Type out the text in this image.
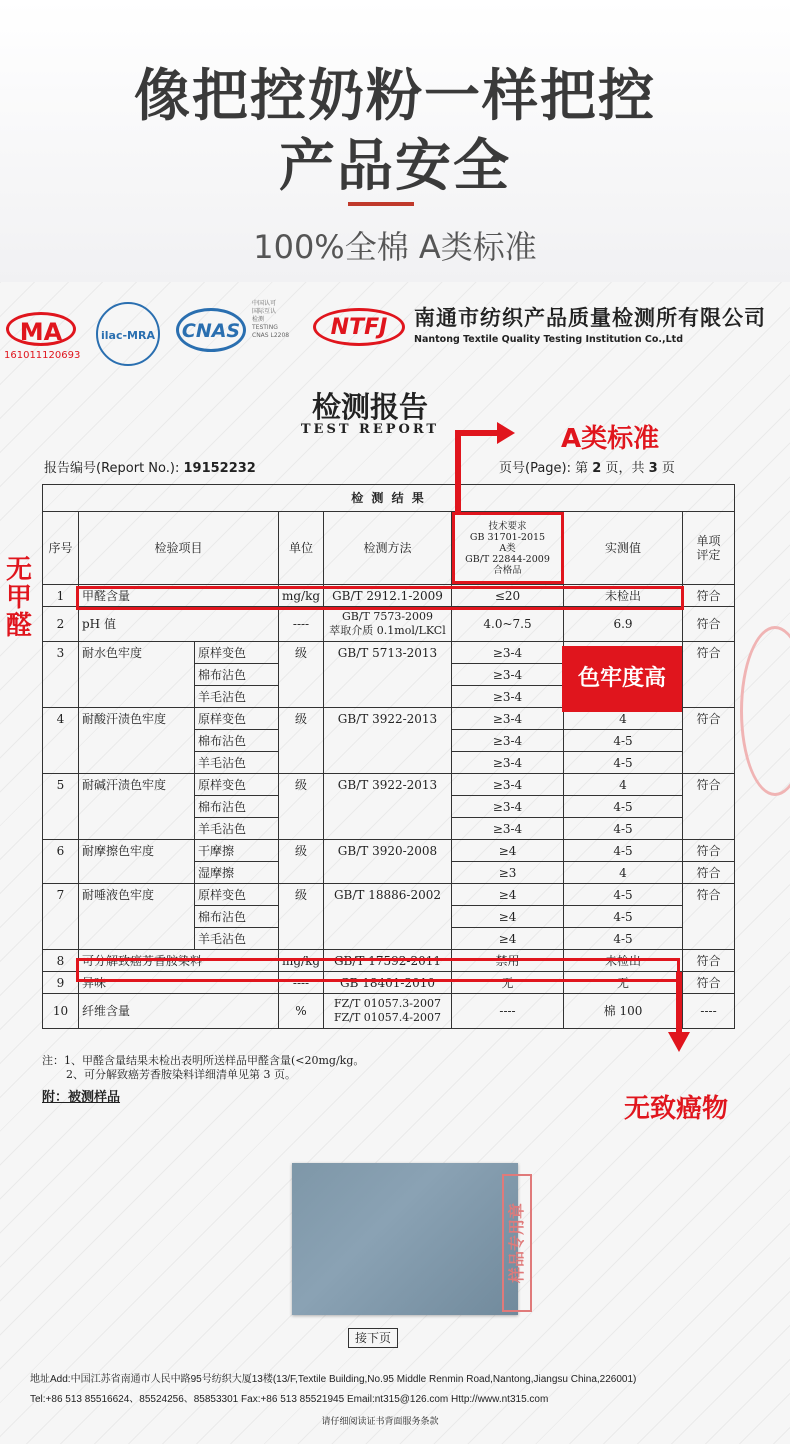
像把控奶粉一样把控
产品安全
100%全棉 A类标准
MA
161011120693
ilac-MRA	CNAS
中国认可
国际互认
检测
TESTING
CNAS L2208	NTFJ	南通市纺织产品质量检测所有限公司
Nantong Textile Quality Testing Institution Co.,Ltd
检测报告
TEST REPORT
报告编号(Report No.): 19152232	页号(Page): 第 2 页，共 3 页
检 测 结 果							
序号	检验项目		单位	检测方法	技术要求
GB 31701-2015
A类
GB/T 22844-2009
合格品	实测值	单项
评定
1	甲醛含量		mg/kg	GB/T 2912.1-2009	≤20	未检出	符合
2	pH 值		----	GB/T 7573-2009
萃取介质 0.1mol/LKCl	4.0~7.5	6.9	符合
3	耐水色牢度	原样变色	级	GB/T 5713-2013	≥3-4		符合
		棉布沾色			≥3-4		
		羊毛沾色			≥3-4		
4	耐酸汗渍色牢度	原样变色	级	GB/T 3922-2013	≥3-4	4	符合
		棉布沾色			≥3-4	4-5	
		羊毛沾色			≥3-4	4-5	
5	耐碱汗渍色牢度	原样变色	级	GB/T 3922-2013	≥3-4	4	符合
		棉布沾色			≥3-4	4-5	
		羊毛沾色			≥3-4	4-5	
6	耐摩擦色牢度	干摩擦	级	GB/T 3920-2008	≥4	4-5	符合
		湿摩擦			≥3	4	符合
7	耐唾液色牢度	原样变色	级	GB/T 18886-2002	≥4	4-5	符合
		棉布沾色			≥4	4-5	
		羊毛沾色			≥4	4-5	
8	可分解致癌芳香胺染料		mg/kg	GB/T 17592-2011	禁用	未检出	符合
9	异味		----	GB 18401-2010	无	无	符合
10	纤维含量		%	FZ/T 01057.3-2007
FZ/T 01057.4-2007	----	棉 100	----
注：1、甲醛含量结果未检出表明所送样品甲醛含量(<20mg/kg。
2、可分解致癌芳香胺染料详细清单见第 3 页。
附：被测样品
样品专用章
接下页
地址Add:中国江苏省南通市人民中路95号纺织大厦13楼(13/F,Textile Building,No.95 Middle Renmin Road,Nantong,Jiangsu China,226001)
Tel:+86 513 85516624、85524256、85853301 Fax:+86 513 85521945 Email:nt315@126.com Http://www.nt315.com
请仔细阅读证书背面服务条款
A类标准
无
甲
醛
色牢度高
无致癌物
